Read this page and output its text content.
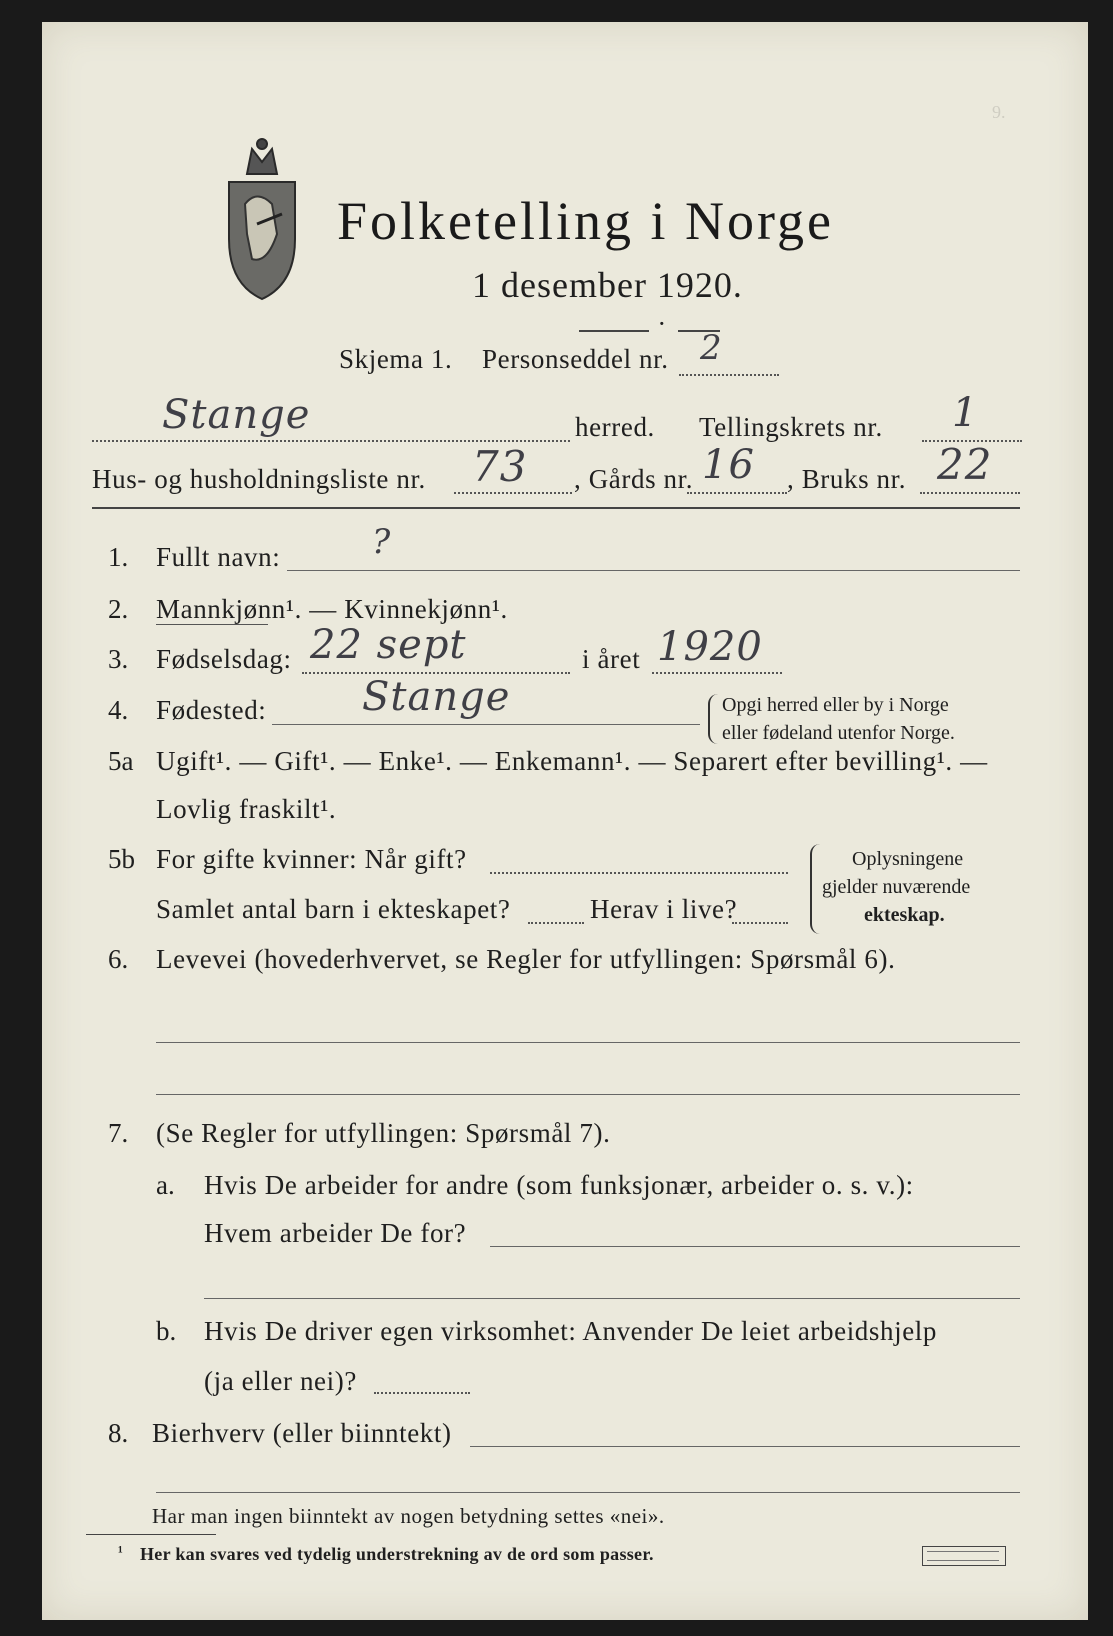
9.
Folketelling i Norge
1 desember 1920.
·
Skjema 1. Personseddel nr. 2
Stange	herred. Tellingskrets nr. 1
Hus- og husholdningsliste nr. 73 , Gårds nr. 16 , Bruks nr. 22
1. Fullt navn:	?
2. Mannkjønn¹. — Kvinnekjønn¹.
3. Fødselsdag: 22 sept	i året 1920
4. Fødested: Stange	Opgi herred eller by i Norge
eller fødeland utenfor Norge.
5a Ugift¹. — Gift¹. — Enke¹. — Enkemann¹. — Separert efter bevilling¹. —
Lovlig fraskilt¹.
5b For gifte kvinner: Når gift?
Samlet antal barn i ekteskapet?	Herav i live?
Oplysningene
gjelder nuværende
ekteskap.
6. Levevei (hovederhvervet, se Regler for utfyllingen: Spørsmål 6).
7. (Se Regler for utfyllingen: Spørsmål 7).
a. Hvis De arbeider for andre (som funksjonær, arbeider o. s. v.):
Hvem arbeider De for?
b. Hvis De driver egen virksomhet: Anvender De leiet arbeidshjelp
(ja eller nei)?
8. Bierhverv (eller biinntekt)
Har man ingen biinntekt av nogen betydning settes «nei».
¹ Her kan svares ved tydelig understrekning av de ord som passer.
